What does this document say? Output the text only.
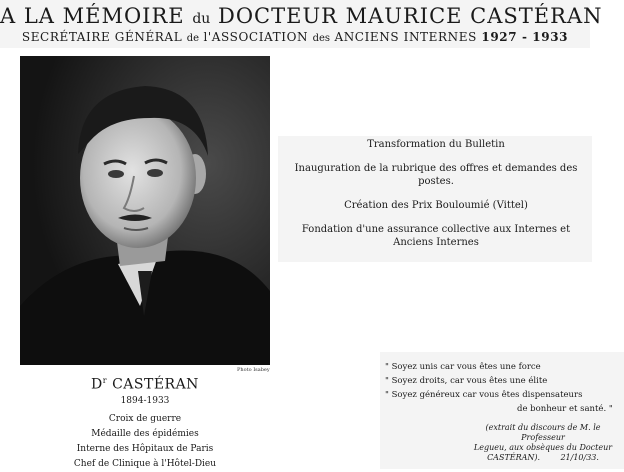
A LA MÉMOIRE du DOCTEUR MAURICE CASTÉRAN
SECRÉTAIRE GÉNÉRAL de l'ASSOCIATION des ANCIENS INTERNES 1927 - 1933
Photo Isabey
$D^r$ CASTÉRAN
1894-1933
Croix de guerre
Médaille des épidémies
Interne des Hôpitaux de Paris
Chef de Clinique à l'Hôtel-Dieu
Transformation du Bulletin
Inauguration de la rubrique des offres et demandes des postes.
Création des Prix Bouloumié (Vittel)
Fondation d'une assurance collective aux Internes et Anciens Internes
" Soyez unis car vous êtes une force
" Soyez droits, car vous êtes une élite
" Soyez généreux car vous êtes dispensateurs
de bonheur et santé. "
(extrait du discours de M. le Professeur
Legueu, aux obsèques du Docteur
CASTÉRAN).	21/10/33.
